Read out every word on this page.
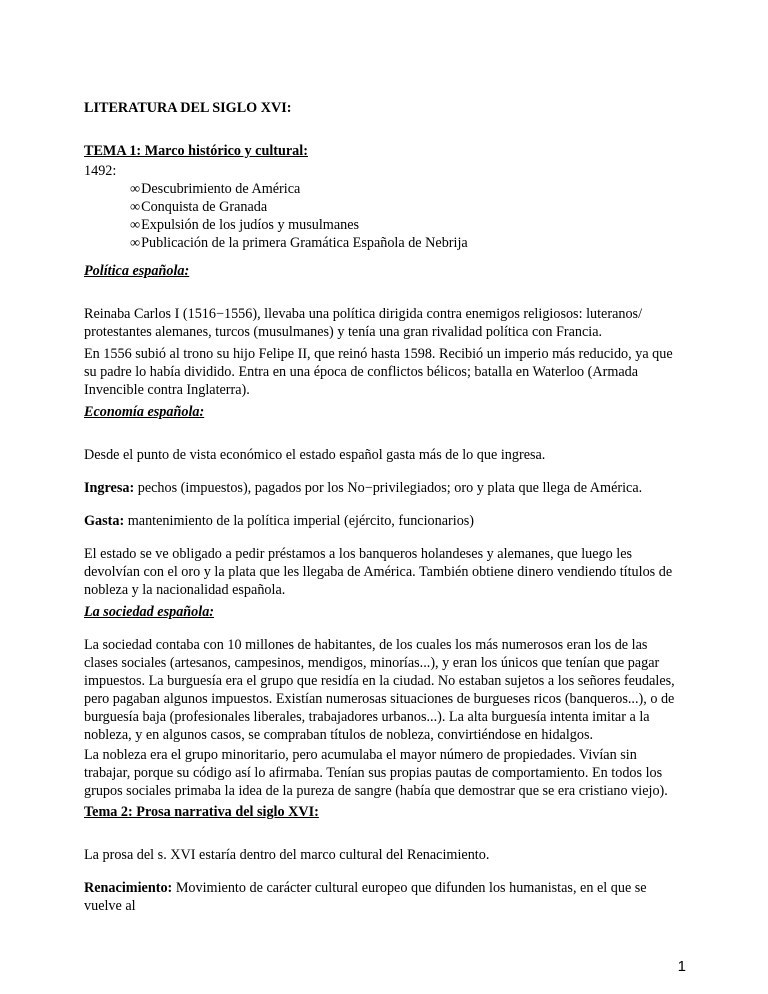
LITERATURA DEL SIGLO XVI:

TEMA 1: Marco histórico y cultural:

1492:

∞Descubrimiento de América
∞Conquista de Granada
∞Expulsión de los judíos y musulmanes
∞Publicación de la primera Gramática Española de Nebrija

Política española:

Reinaba Carlos I (1516−1556), llevaba una política dirigida contra enemigos religiosos: luteranos/ protestantes alemanes, turcos (musulmanes) y tenía una gran rivalidad política con Francia.

En 1556 subió al trono su hijo Felipe II, que reinó hasta 1598. Recibió un imperio más reducido, ya que su padre lo había dividido. Entra en una época de conflictos bélicos; batalla en Waterloo (Armada Invencible contra Inglaterra).

Economía española:

Desde el punto de vista económico el estado español gasta más de lo que ingresa.

Ingresa: pechos (impuestos), pagados por los No−privilegiados; oro y plata que llega de América.

Gasta: mantenimiento de la política imperial (ejército, funcionarios)

El estado se ve obligado a pedir préstamos a los banqueros holandeses y alemanes, que luego les devolvían con el oro y la plata que les llegaba de América. También obtiene dinero vendiendo títulos de nobleza y la nacionalidad española.

La sociedad española:

La sociedad contaba con 10 millones de habitantes, de los cuales los más numerosos eran los de las clases sociales (artesanos, campesinos, mendigos, minorías...), y eran los únicos que tenían que pagar impuestos. La burguesía era el grupo que residía en la ciudad. No estaban sujetos a los señores feudales, pero pagaban algunos impuestos. Existían numerosas situaciones de burgueses ricos (banqueros...), o de burguesía baja (profesionales liberales, trabajadores urbanos...). La alta burguesía intenta imitar a la nobleza, y en algunos casos, se compraban títulos de nobleza, convirtiéndose en hidalgos.

La nobleza era el grupo minoritario, pero acumulaba el mayor número de propiedades. Vivían sin trabajar, porque su código así lo afirmaba. Tenían sus propias pautas de comportamiento. En todos los grupos sociales primaba la idea de la pureza de sangre (había que demostrar que se era cristiano viejo).

Tema 2: Prosa narrativa del siglo XVI:

La prosa del s. XVI estaría dentro del marco cultural del Renacimiento.

Renacimiento: Movimiento de carácter cultural europeo que difunden los humanistas, en el que se vuelve al

1
